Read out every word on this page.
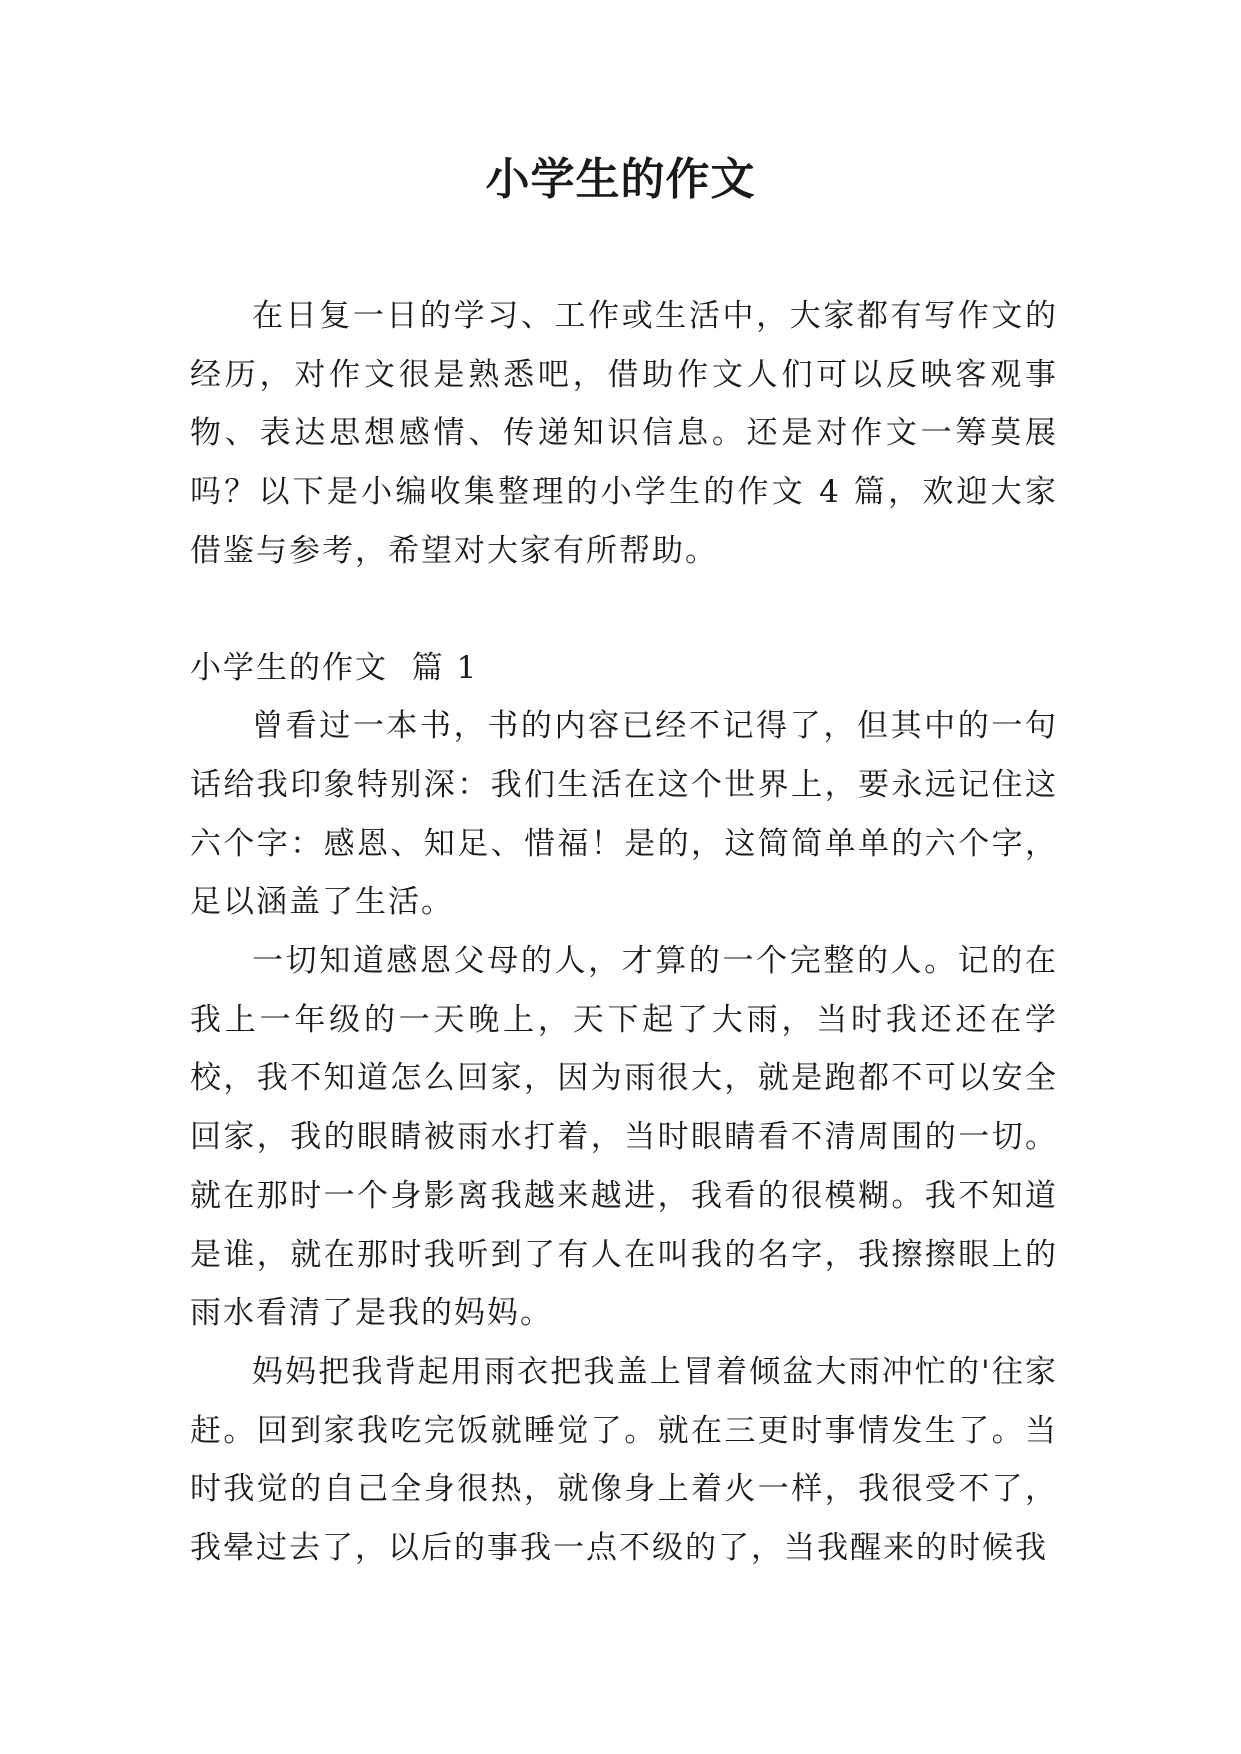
小学生的作文

在日复一日的学习、工作或生活中，大家都有写作文的经历，对作文很是熟悉吧，借助作文人们可以反映客观事物、表达思想感情、传递知识信息。还是对作文一筹莫展吗？以下是小编收集整理的小学生的作文 4 篇，欢迎大家借鉴与参考，希望对大家有所帮助。

小学生的作文  篇 1

曾看过一本书，书的内容已经不记得了，但其中的一句话给我印象特别深：我们生活在这个世界上，要永远记住这六个字：感恩、知足、惜福！是的，这简简单单的六个字，足以涵盖了生活。

一切知道感恩父母的人，才算的一个完整的人。记的在我上一年级的一天晚上，天下起了大雨，当时我还还在学校，我不知道怎么回家，因为雨很大，就是跑都不可以安全回家，我的眼睛被雨水打着，当时眼睛看不清周围的一切。就在那时一个身影离我越来越进，我看的很模糊。我不知道是谁，就在那时我听到了有人在叫我的名字，我擦擦眼上的雨水看清了是我的妈妈。

妈妈把我背起用雨衣把我盖上冒着倾盆大雨冲忙的'往家赶。回到家我吃完饭就睡觉了。就在三更时事情发生了。当时我觉的自己全身很热，就像身上着火一样，我很受不了，我晕过去了，以后的事我一点不级的了，当我醒来的时候我
